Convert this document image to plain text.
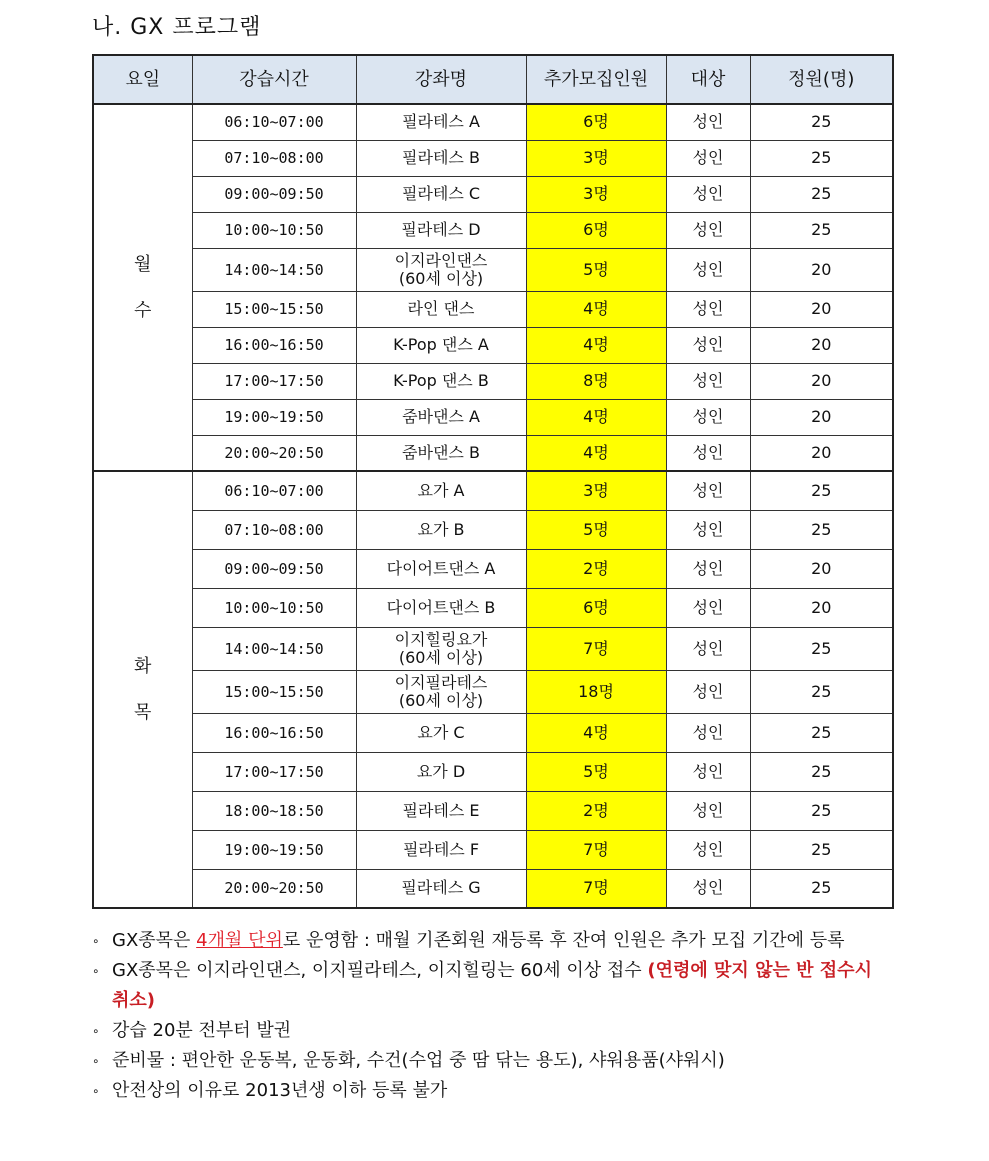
나. GX 프로그램
요일	강습시간	강좌명	추가모집인원	대상	정원(명)

월
수	06:10~07:00	필라테스 A	6명	성인	25
	07:10~08:00	필라테스 B	3명	성인	25
	09:00~09:50	필라테스 C	3명	성인	25
	10:00~10:50	필라테스 D	6명	성인	25
	14:00~14:50	이지라인댄스
(60세 이상)	5명	성인	20
	15:00~15:50	라인 댄스	4명	성인	20
	16:00~16:50	K-Pop 댄스 A	4명	성인	20
	17:00~17:50	K-Pop 댄스 B	8명	성인	20
	19:00~19:50	줌바댄스 A	4명	성인	20
	20:00~20:50	줌바댄스 B	4명	성인	20

화
목	06:10~07:00	요가 A	3명	성인	25
	07:10~08:00	요가 B	5명	성인	25
	09:00~09:50	다이어트댄스 A	2명	성인	20
	10:00~10:50	다이어트댄스 B	6명	성인	20
	14:00~14:50	이지힐링요가
(60세 이상)	7명	성인	25
	15:00~15:50	이지필라테스
(60세 이상)	18명	성인	25
	16:00~16:50	요가 C	4명	성인	25
	17:00~17:50	요가 D	5명	성인	25
	18:00~18:50	필라테스 E	2명	성인	25
	19:00~19:50	필라테스 F	7명	성인	25
	20:00~20:50	필라테스 G	7명	성인	25
∘ GX종목은 4개월 단위로 운영함 : 매월 기존회원 재등록 후 잔여 인원은 추가 모집 기간에 등록
∘ GX종목은 이지라인댄스, 이지필라테스, 이지힐링는 60세 이상 접수 (연령에 맞지 않는 반 접수시 취소)
∘ 강습 20분 전부터 발권
∘ 준비물 : 편안한 운동복, 운동화, 수건(수업 중 땀 닦는 용도), 샤워용품(샤워시)
∘ 안전상의 이유로 2013년생 이하 등록 불가
